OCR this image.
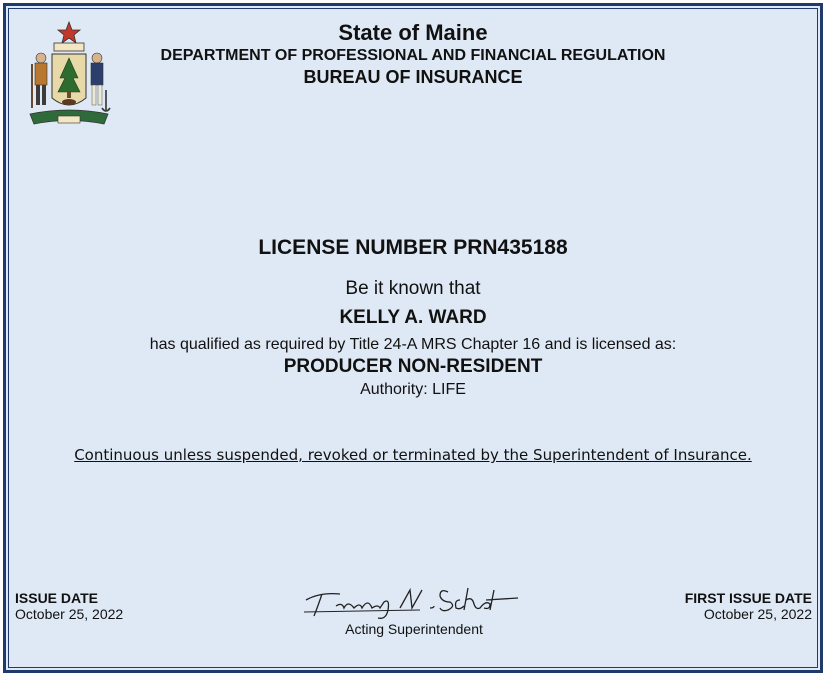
State of Maine
DEPARTMENT OF PROFESSIONAL AND FINANCIAL REGULATION
BUREAU OF INSURANCE
LICENSE NUMBER PRN435188
Be it known that
KELLY A. WARD
has qualified as required by Title 24-A MRS Chapter 16 and is licensed as:
PRODUCER NON-RESIDENT
Authority: LIFE
Continuous unless suspended, revoked or terminated by the Superintendent of Insurance.
ISSUE DATE
October 25, 2022
Acting Superintendent
FIRST ISSUE DATE
October 25, 2022
